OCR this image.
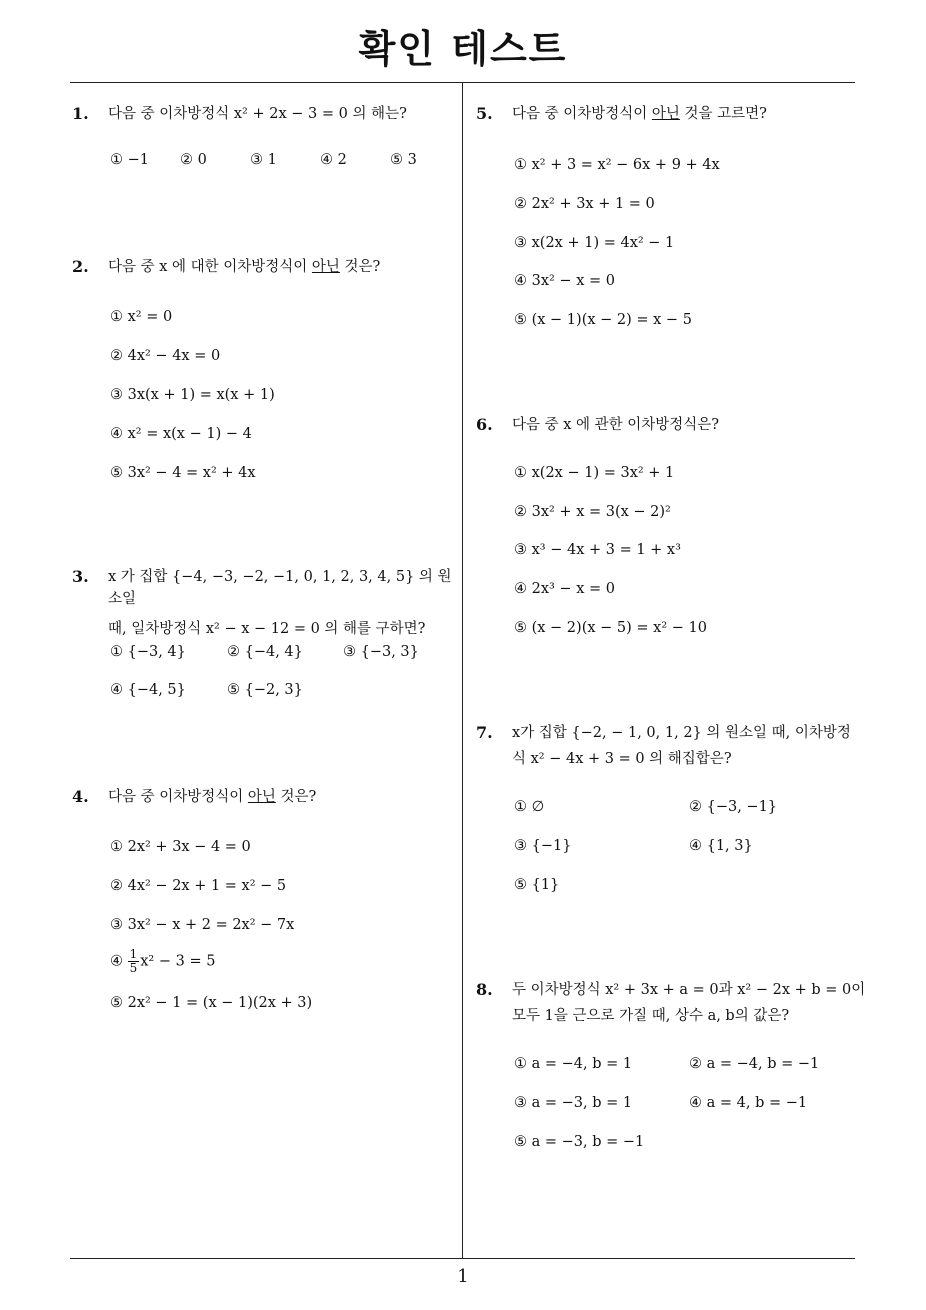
확인 테스트
1
1. 다음 중 이차방정식 x² + 2x − 3 = 0 의 해는?
① −1 ② 0	③ 1	④ 2	⑤ 3
2. 다음 중 x 에 대한 이차방정식이 아닌 것은?
① x² = 0
② 4x² − 4x = 0
③ 3x(x + 1) = x(x + 1)
④ x² = x(x − 1) − 4
⑤ 3x² − 4 = x² + 4x
3. x 가 집합 {−4, −3, −2, −1, 0, 1, 2, 3, 4, 5} 의 원소일
때, 일차방정식 x² − x − 12 = 0 의 해를 구하면?
① {−3, 4}	② {−4, 4}	③ {−3, 3}
④ {−4, 5}	⑤ {−2, 3}
4. 다음 중 이차방정식이 아닌 것은?
① 2x² + 3x − 4 = 0
② 4x² − 2x + 1 = x² − 5
③ 3x² − x + 2 = 2x² − 7x
④ $\frac{1}{5} x^2 - 3 = 5$
⑤ 2x² − 1 = (x − 1)(2x + 3)
5. 다음 중 이차방정식이 아닌 것을 고르면?
① x² + 3 = x² − 6x + 9 + 4x
② 2x² + 3x + 1 = 0
③ x(2x + 1) = 4x² − 1
④ 3x² − x = 0
⑤ (x − 1)(x − 2) = x − 5
6. 다음 중 x 에 관한 이차방정식은?
① x(2x − 1) = 3x² + 1
② 3x² + x = 3(x − 2)²
③ x³ − 4x + 3 = 1 + x³
④ 2x³ − x = 0
⑤ (x − 2)(x − 5) = x² − 10
7. x가 집합 {−2, − 1, 0, 1, 2} 의 원소일 때, 이차방정
식 x² − 4x + 3 = 0 의 해집합은?
① ∅	② {−3, −1}
③ {−1}	④ {1, 3}
⑤ {1}
8. 두 이차방정식 x² + 3x + a = 0과 x² − 2x + b = 0이
모두 1을 근으로 가질 때, 상수 a, b의 값은?
① a = −4, b = 1	② a = −4, b = −1
③ a = −3, b = 1	④ a = 4, b = −1
⑤ a = −3, b = −1
